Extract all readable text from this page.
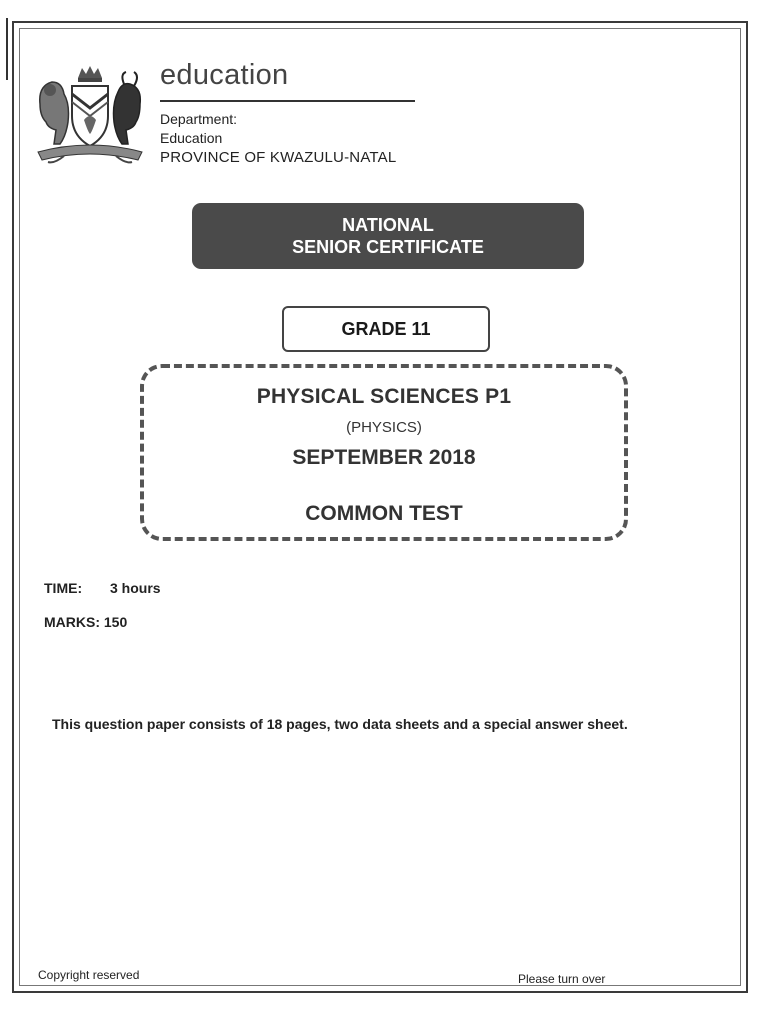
education
Department:
Education
PROVINCE OF KWAZULU-NATAL
NATIONAL
SENIOR CERTIFICATE
GRADE 11
PHYSICAL SCIENCES P1
(PHYSICS)
SEPTEMBER 2018
COMMON TEST
TIME: 3 hours
MARKS: 150
This question paper consists of 18 pages, two data sheets and a special answer sheet.
Copyright reserved	Please turn over
